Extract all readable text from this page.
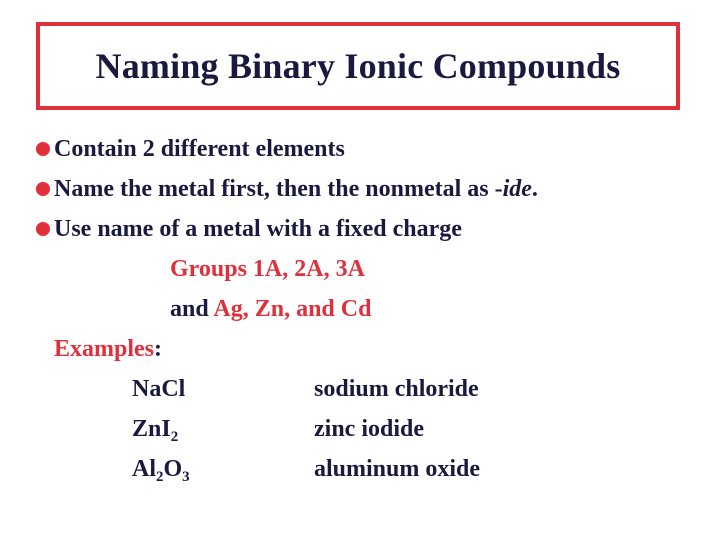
Naming Binary Ionic Compounds
Contain 2 different elements
Name the metal first, then the nonmetal as -ide.
Use name of a metal with a fixed charge
Groups 1A, 2A, 3A
and Ag, Zn, and Cd
Examples:
NaCl	sodium chloride
ZnI$_2$	zinc iodide
$Al_2O_3$	aluminum oxide
